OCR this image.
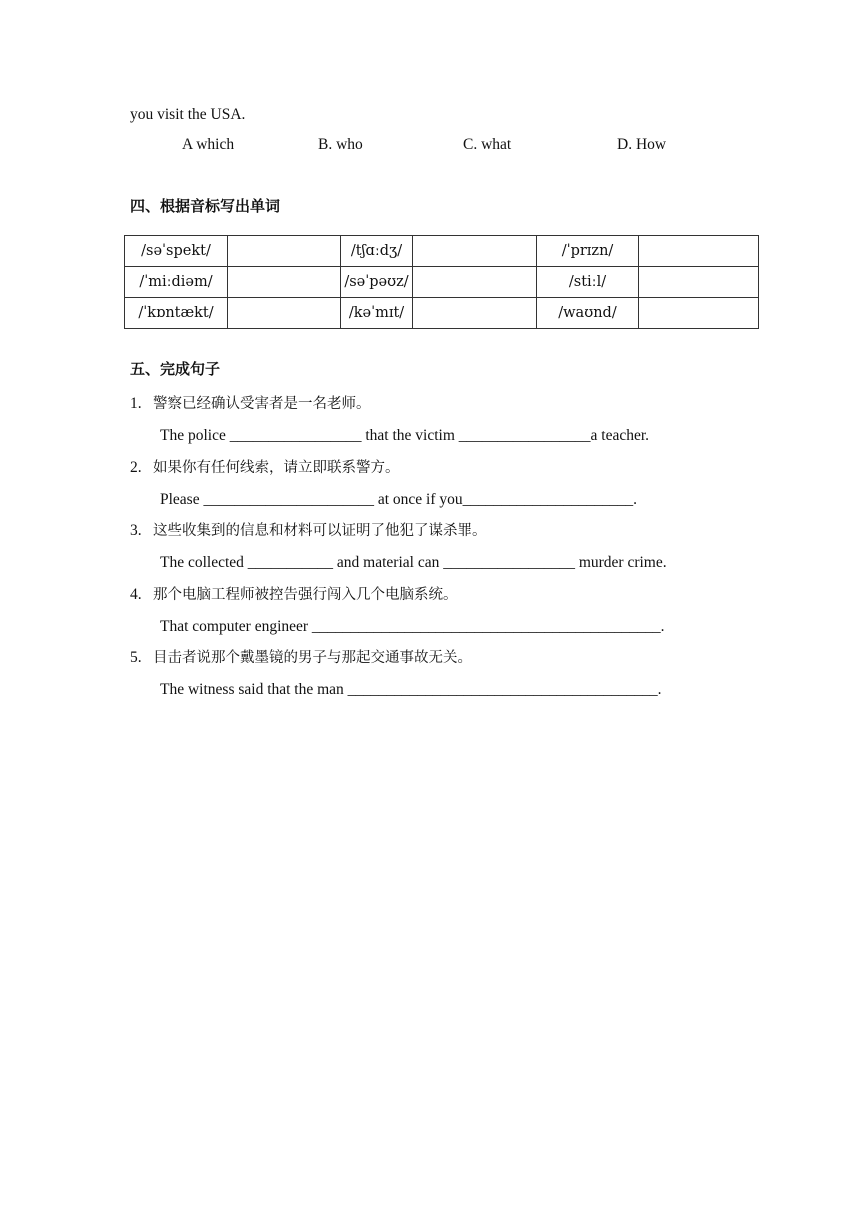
you visit the USA.
A which	B. who	C. what	D. How
四、根据音标写出单词
/səˈspekt/		/tʃɑːdʒ/		/ˈprɪzn/	
/ˈmiːdiəm/		/səˈpəʊz/		/stiːl/	
/ˈkɒntækt/		/kəˈmɪt/		/waʊnd/	
五、完成句子
1. 警察已经确认受害者是一名老师。
The police _________________ that the victim _________________a teacher.
2. 如果你有任何线索，请立即联系警方。
Please ______________________ at once if you______________________.
3. 这些收集到的信息和材料可以证明了他犯了谋杀罪。
The collected ___________ and material can _________________ murder crime.
4. 那个电脑工程师被控告强行闯入几个电脑系统。
That computer engineer _____________________________________________.
5. 目击者说那个戴墨镜的男子与那起交通事故无关。
The witness said that the man ________________________________________.
